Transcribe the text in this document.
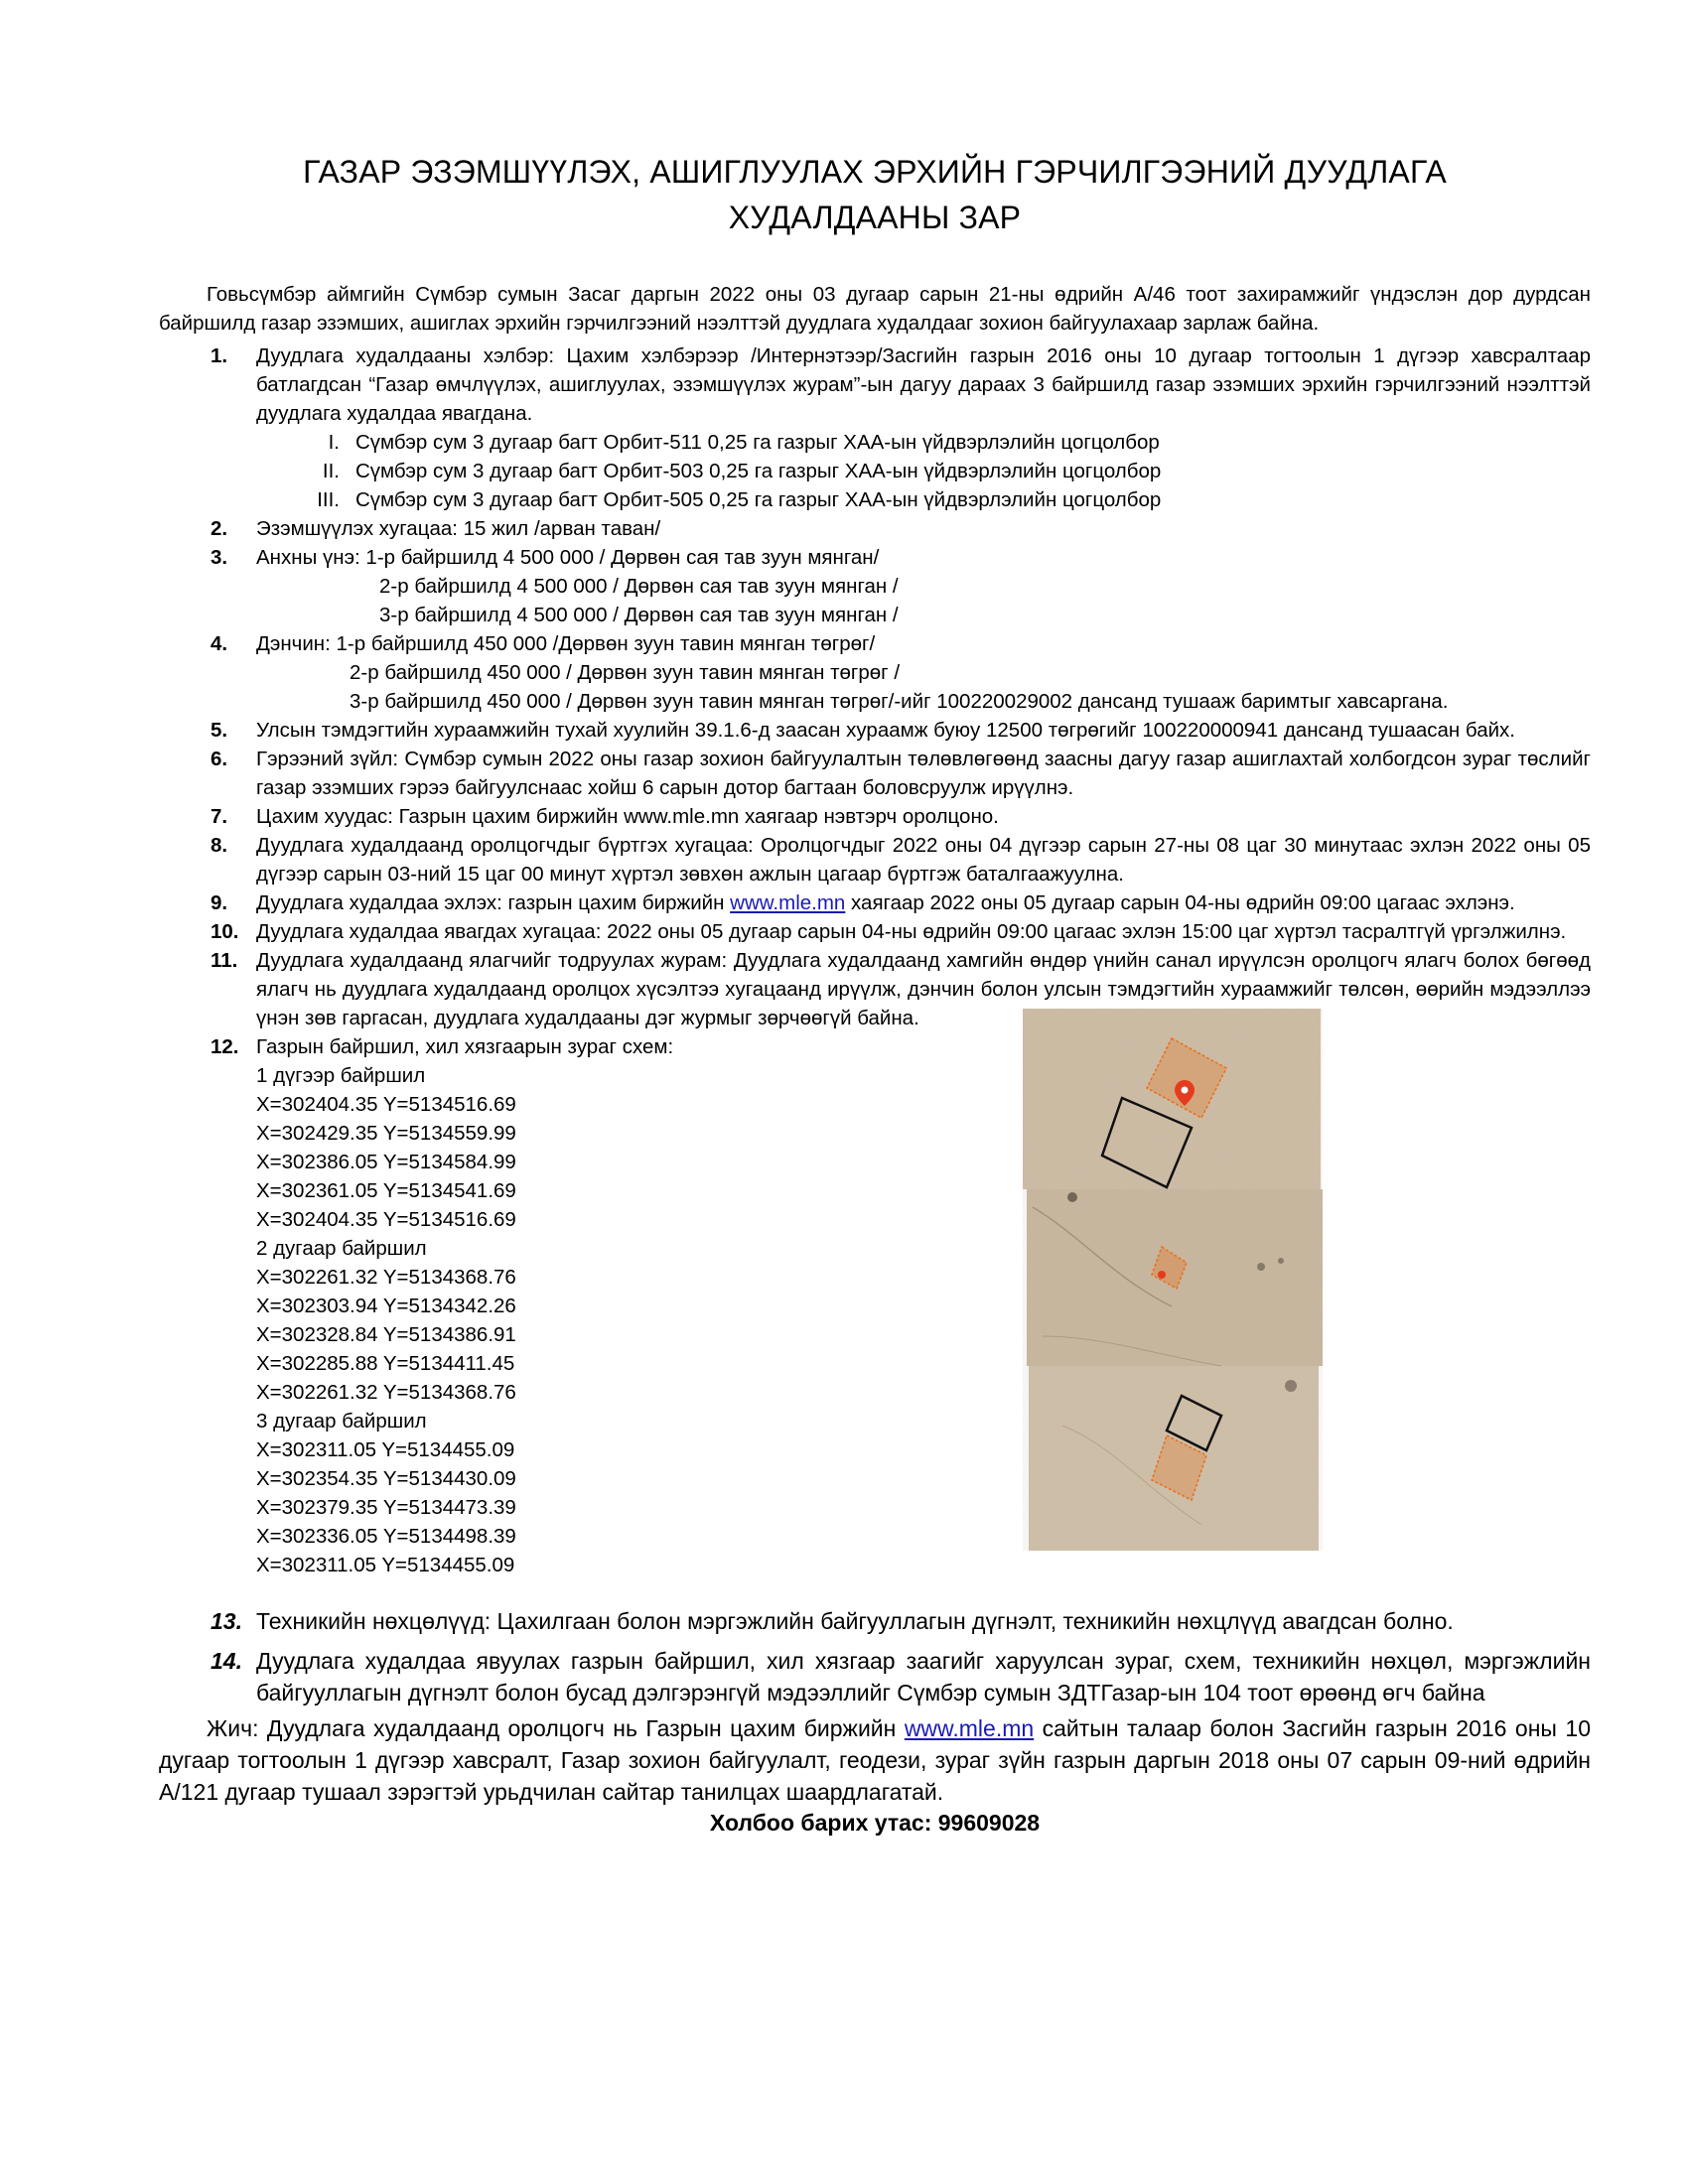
ГАЗАР ЭЗЭМШҮҮЛЭХ, АШИГЛУУЛАХ ЭРХИЙН ГЭРЧИЛГЭЭНИЙ ДУУДЛАГА ХУДАЛДААНЫ ЗАР
Говьсүмбэр аймгийн Сүмбэр сумын Засаг даргын 2022 оны 03 дугаар сарын 21-ны өдрийн А/46 тоот захирамжийг үндэслэн дор дурдсан байршилд газар эзэмших, ашиглах эрхийн гэрчилгээний нээлттэй дуудлага худалдааг зохион байгуулахаар зарлаж байна.
1.	Дуудлага худалдааны хэлбэр: Цахим хэлбэрээр /Интернэтээр/Засгийн газрын 2016 оны 10 дугаар тогтоолын 1 дүгээр хавсралтаар батлагдсан “Газар өмчлүүлэх, ашиглуулах, эзэмшүүлэх журам”-ын дагуу дараах 3 байршилд газар эзэмших эрхийн гэрчилгээний нээлттэй дуудлага худалдаа явагдана.
I. Сүмбэр сум 3 дугаар багт Орбит-511 0,25 га газрыг ХАА-ын үйдвэрлэлийн цогцолбор
II. Сүмбэр сум 3 дугаар багт Орбит-503 0,25 га газрыг ХАА-ын үйдвэрлэлийн цогцолбор
III. Сүмбэр сум 3 дугаар багт Орбит-505 0,25 га газрыг ХАА-ын үйдвэрлэлийн цогцолбор
2.	Эзэмшүүлэх хугацаа: 15 жил /арван таван/
3.	Анхны үнэ: 1-р байршилд 4 500 000 / Дөрвөн сая тав зуун мянган/
2-р байршилд 4 500 000 / Дөрвөн сая тав зуун мянган /
3-р байршилд 4 500 000 / Дөрвөн сая тав зуун мянган /
4.	Дэнчин: 1-р байршилд 450 000 /Дөрвөн зуун тавин мянган төгрөг/
2-р байршилд 450 000 / Дөрвөн зуун тавин мянган төгрөг /
3-р байршилд 450 000 / Дөрвөн зуун тавин мянган төгрөг/-ийг 100220029002 дансанд тушааж баримтыг хавсаргана.
5.	Улсын тэмдэгтийн хураамжийн тухай хуулийн 39.1.6-д заасан хураамж буюу 12500 төгрөгийг 100220000941 дансанд тушаасан байх.
6.	Гэрээний зүйл: Сүмбэр сумын 2022 оны газар зохион байгуулалтын төлөвлөгөөнд заасны дагуу газар ашиглахтай холбогдсон зураг төслийг газар эзэмших гэрээ байгуулснаас хойш 6 сарын дотор багтаан боловсруулж ирүүлнэ.
7.	Цахим хуудас: Газрын цахим биржийн www.mle.mn хаягаар нэвтэрч оролцоно.
8.	Дуудлага худалдаанд оролцогчдыг бүртгэх хугацаа: Оролцогчдыг 2022 оны 04 дүгээр сарын 27-ны 08 цаг 30 минутаас эхлэн 2022 оны 05 дүгээр сарын 03-ний 15 цаг 00 минут хүртэл зөвхөн ажлын цагаар бүртгэж баталгаажуулна.
9.	Дуудлага худалдаа эхлэх: газрын цахим биржийн www.mle.mn хаягаар 2022 оны 05 дугаар сарын 04-ны өдрийн 09:00 цагаас эхлэнэ.
10. Дуудлага худалдаа явагдах хугацаа: 2022 оны 05 дугаар сарын 04-ны өдрийн 09:00 цагаас эхлэн 15:00 цаг хүртэл тасралтгүй үргэлжилнэ.
11. Дуудлага худалдаанд ялагчийг тодруулах журам: Дуудлага худалдаанд хамгийн өндөр үнийн санал ирүүлсэн оролцогч ялагч болох бөгөөд ялагч нь дуудлага худалдаанд оролцох хүсэлтээ хугацаанд ирүүлж, дэнчин болон улсын тэмдэгтийн хураамжийг төлсөн, өөрийн мэдээллээ үнэн зөв гаргасан, дуудлага худалдааны дэг журмыг зөрчөөгүй байна.
12. Газрын байршил, хил хязгаарын зураг схем:
1 дүгээр байршил
X=302404.35 Y=5134516.69
X=302429.35 Y=5134559.99
X=302386.05 Y=5134584.99
X=302361.05 Y=5134541.69
X=302404.35 Y=5134516.69
2 дугаар байршил
X=302261.32 Y=5134368.76
X=302303.94 Y=5134342.26
X=302328.84 Y=5134386.91
X=302285.88 Y=5134411.45
X=302261.32 Y=5134368.76
3 дугаар байршил
X=302311.05 Y=5134455.09
X=302354.35 Y=5134430.09
X=302379.35 Y=5134473.39
X=302336.05 Y=5134498.39
X=302311.05 Y=5134455.09
13. Техникийн нөхцөлүүд: Цахилгаан болон мэргэжлийн байгууллагын дүгнэлт, техникийн нөхцлүүд авагдсан болно.
14. Дуудлага худалдаа явуулах газрын байршил, хил хязгаар заагийг харуулсан зураг, схем, техникийн нөхцөл, мэргэжлийн байгууллагын дүгнэлт болон бусад дэлгэрэнгүй мэдээллийг Сүмбэр сумын ЗДТГазар-ын 104 тоот өрөөнд өгч байна
Жич: Дуудлага худалдаанд оролцогч нь Газрын цахим биржийн www.mle.mn сайтын талаар болон Засгийн газрын 2016 оны 10 дугаар тогтоолын 1 дүгээр хавсралт, Газар зохион байгуулалт, геодези, зураг зүйн газрын даргын 2018 оны 07 сарын 09-ний өдрийн А/121 дугаар тушаал зэрэгтэй урьдчилан сайтар танилцах шаардлагатай.
Холбоо барих утас: 99609028
